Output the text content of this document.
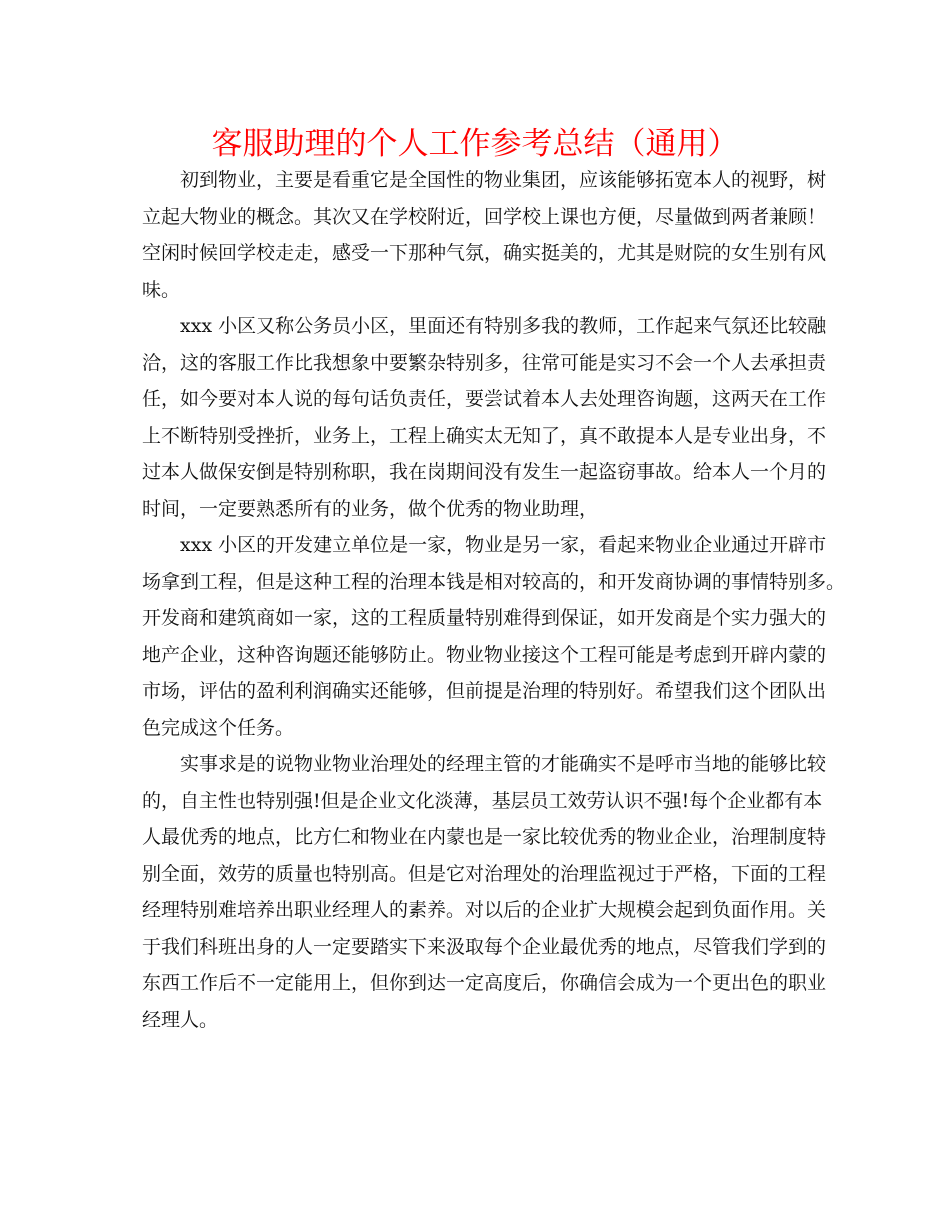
客服助理的个人工作参考总结（通用）

初到物业，主要是看重它是全国性的物业集团，应该能够拓宽本人的视野，树
立起大物业的概念。其次又在学校附近，回学校上课也方便，尽量做到两者兼顾！
空闲时候回学校走走，感受一下那种气氛，确实挺美的，尤其是财院的女生别有风
味。

xxx 小区又称公务员小区，里面还有特别多我的教师，工作起来气氛还比较融
洽，这的客服工作比我想象中要繁杂特别多，往常可能是实习不会一个人去承担责
任，如今要对本人说的每句话负责任，要尝试着本人去处理咨询题，这两天在工作
上不断特别受挫折，业务上，工程上确实太无知了，真不敢提本人是专业出身，不
过本人做保安倒是特别称职，我在岗期间没有发生一起盗窃事故。给本人一个月的
时间，一定要熟悉所有的业务，做个优秀的物业助理，

xxx 小区的开发建立单位是一家，物业是另一家，看起来物业企业通过开辟市
场拿到工程，但是这种工程的治理本钱是相对较高的，和开发商协调的事情特别多。
开发商和建筑商如一家，这的工程质量特别难得到保证，如开发商是个实力强大的
地产企业，这种咨询题还能够防止。物业物业接这个工程可能是考虑到开辟内蒙的
市场，评估的盈利利润确实还能够，但前提是治理的特别好。希望我们这个团队出
色完成这个任务。

实事求是的说物业物业治理处的经理主管的才能确实不是呼市当地的能够比较
的，自主性也特别强!但是企业文化淡薄，基层员工效劳认识不强!每个企业都有本
人最优秀的地点，比方仁和物业在内蒙也是一家比较优秀的物业企业，治理制度特
别全面，效劳的质量也特别高。但是它对治理处的治理监视过于严格，下面的工程
经理特别难培养出职业经理人的素养。对以后的企业扩大规模会起到负面作用。关
于我们科班出身的人一定要踏实下来汲取每个企业最优秀的地点，尽管我们学到的
东西工作后不一定能用上，但你到达一定高度后，你确信会成为一个更出色的职业
经理人。
